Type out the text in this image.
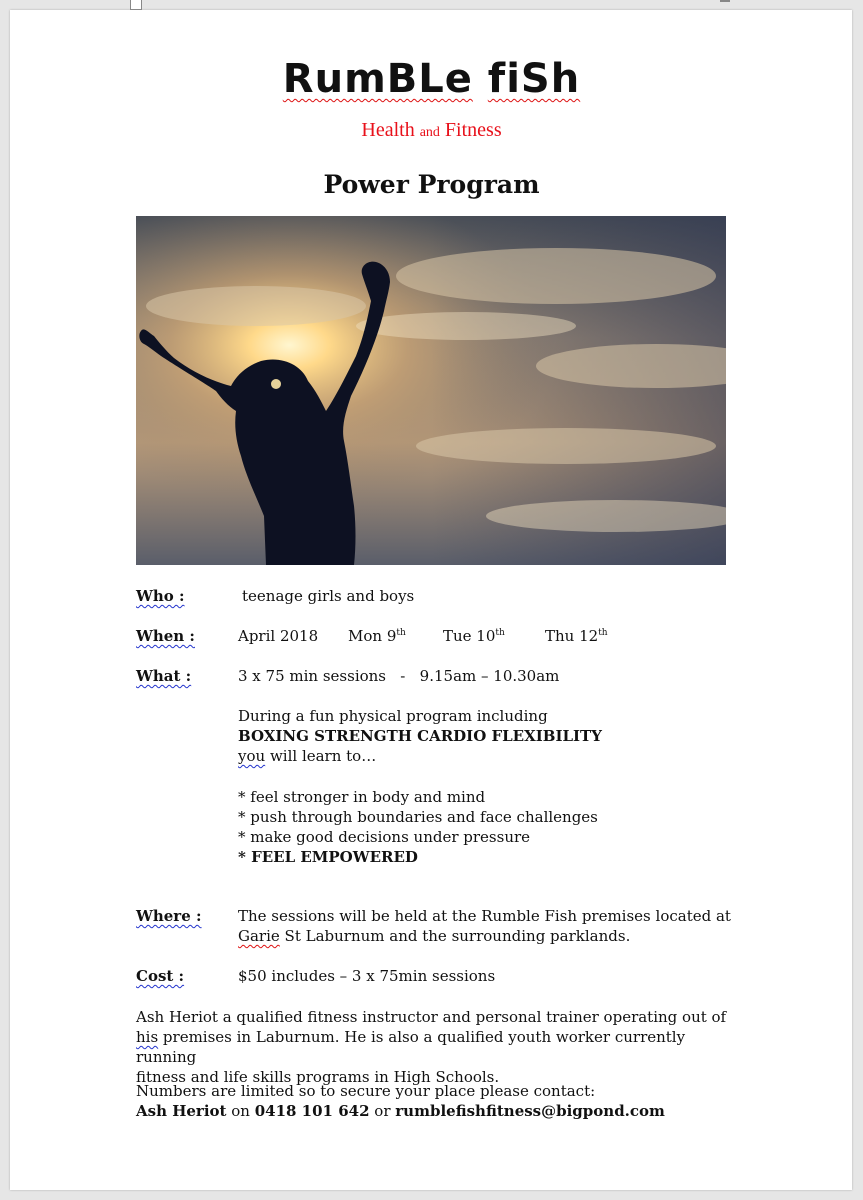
RumBLe fiSh
Health and Fitness
Power Program
Who :	teenage girls and boys
When :	April 2018 Mon 9th Tue 10th	Thu 12th
What :	3 x 75 min sessions   -   9.15am – 10.30am
During a fun physical program including
BOXING STRENGTH CARDIO FLEXIBILITY
you will learn to…
* feel stronger in body and mind
* push through boundaries and face challenges
* make good decisions under pressure
* FEEL EMPOWERED
Where : The sessions will be held at the Rumble Fish premises located at
Garie St Laburnum and the surrounding parklands.
Cost :	$50 includes – 3 x 75min sessions
Ash Heriot a qualified fitness instructor and personal trainer operating out of
his premises in Laburnum. He is also a qualified youth worker currently running
fitness and life skills programs in High Schools.
Numbers are limited so to secure your place please contact:
Ash Heriot on 0418 101 642 or rumblefishfitness@bigpond.com
